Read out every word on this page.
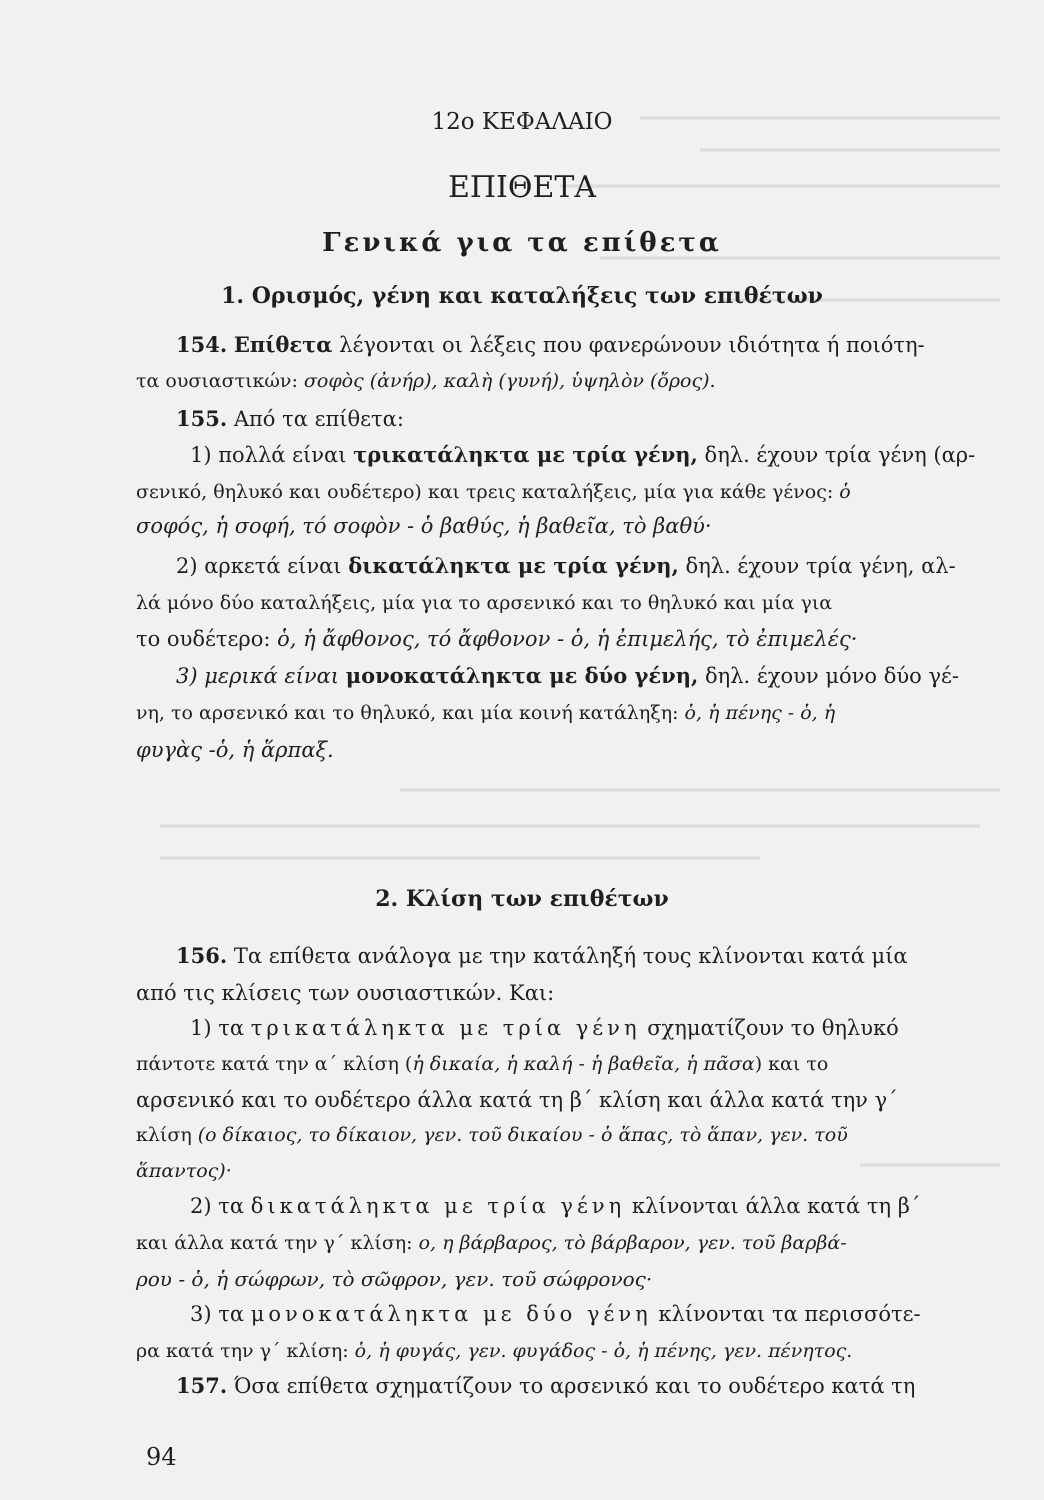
12ο ΚΕΦΑΛΑΙΟ
ΕΠΙΘΕΤΑ
Γενικά για τα επίθετα
1. Ορισμός, γένη και καταλήξεις των επιθέτων
154. Επίθετα λέγονται οι λέξεις που φανερώνουν ιδιότητα ή ποιότη-
τα ουσιαστικών: σοφὸς (ἀνήρ), καλὴ (γυνή), ὑψηλὸν (ὄρος).
155. Από τα επίθετα:
1) πολλά είναι τρικατάληκτα με τρία γένη, δηλ. έχουν τρία γένη (αρ-
σενικό, θηλυκό και ουδέτερο) και τρεις καταλήξεις, μία για κάθε γένος: ὁ
σοφός, ἡ σοφή, τό σοφὸν - ὁ βαθύς, ἡ βαθεῖα, τὸ βαθύ·
2) αρκετά είναι δικατάληκτα με τρία γένη, δηλ. έχουν τρία γένη, αλ-
λά μόνο δύο καταλήξεις, μία για το αρσενικό και το θηλυκό και μία για
το ουδέτερο: ὁ, ἡ ἄφθονος, τό ἄφθονον - ὁ, ἡ ἐπιμελής, τὸ ἐπιμελές·
3) μερικά είναι μονοκατάληκτα με δύο γένη, δηλ. έχουν μόνο δύο γέ-
νη, το αρσενικό και το θηλυκό, και μία κοινή κατάληξη: ὁ, ἡ πένης - ὁ, ἡ
φυγὰς -ὁ, ἡ ἅρπαξ.
2. Κλίση των επιθέτων
156. Τα επίθετα ανάλογα με την κατάληξή τους κλίνονται κατά μία
από τις κλίσεις των ουσιαστικών. Και:
1) τα τρικατάληκτα με τρία γένη σχηματίζουν το θηλυκό
πάντοτε κατά την α΄ κλίση (ἡ δικαία, ἡ καλή - ἡ βαθεῖα, ἡ πᾶσα) και το
αρσενικό και το ουδέτερο άλλα κατά τη β΄ κλίση και άλλα κατά την γ΄
κλίση (ο δίκαιος, το δίκαιον, γεν. τοῦ δικαίου - ὁ ἅπας, τὸ ἅπαν, γεν. τοῦ
ἅπαντος)·
2) τα δικατάληκτα με τρία γένη κλίνονται άλλα κατά τη β΄
και άλλα κατά την γ΄ κλίση: ο, η βάρβαρος, τὸ βάρβαρον, γεν. τοῦ βαρβά-
ρου - ὁ, ἡ σώφρων, τὸ σῶφρον, γεν. τοῦ σώφρονος·
3) τα μονοκατάληκτα με δύο γένη κλίνονται τα περισσότε-
ρα κατά την γ΄ κλίση: ὁ, ἡ φυγάς, γεν. φυγάδος - ὁ, ἡ πένης, γεν. πένητος.
157. Όσα επίθετα σχηματίζουν το αρσενικό και το ουδέτερο κατά τη
94
